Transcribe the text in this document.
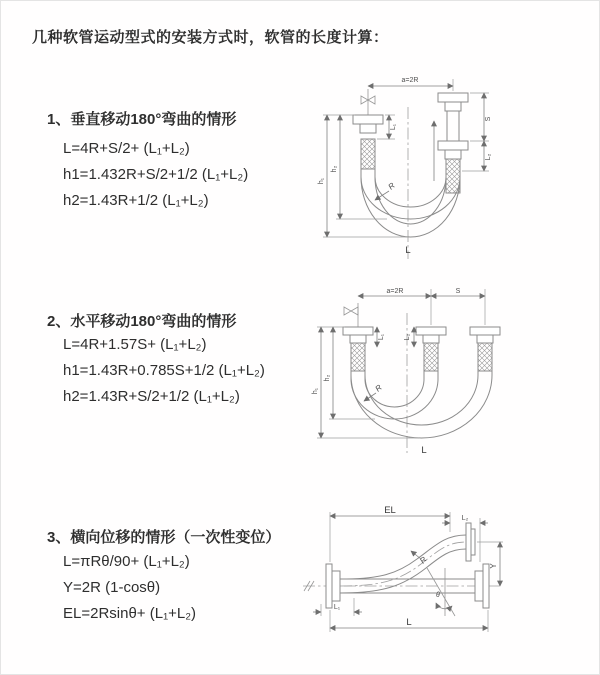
几种软管运动型式的安装方式时，软管的长度计算：
1、垂直移动180°弯曲的情形
L=4R+S/2+ (L₁+L₂)
h1=1.432R+S/2+1/2 (L₁+L₂)
h2=1.43R+1/2 (L₁+L₂)
a=2R
h₁
h₂
L₁
S
L₂
R
L
2、水平移动180°弯曲的情形
L=4R+1.57S+ (L₁+L₂)
h1=1.43R+0.785S+1/2 (L₁+L₂)
h2=1.43R+S/2+1/2 (L₁+L₂)
a=2R	S
L₁	L₂
h₁
h₂
R
L
3、横向位移的情形（一次性变位）
L=πRθ/90+ (L₁+L₂)
Y=2R (1-cosθ)
EL=2Rsinθ+ (L₁+L₂)
EL
L₂
Y
R
θ
L₁
L
